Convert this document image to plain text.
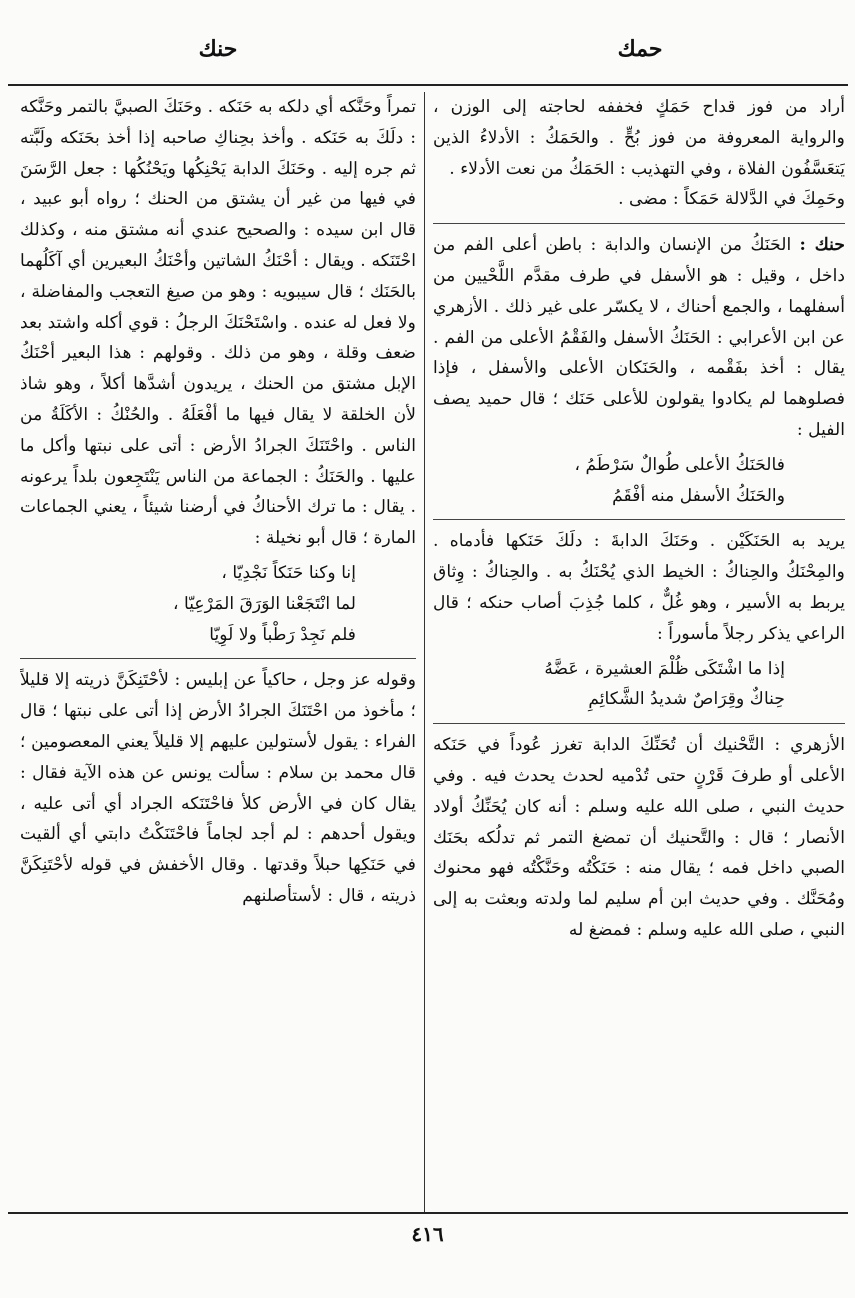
حمك
حنك

أراد من فوز قداح حَمَكٍ فخففه لحاجته إلى الوزن ، والرواية المعروفة من فوز بُحٍّ . والحَمَكُ : الأدلاءُ الذين يَتعَسَّفُون الفلاة ، وفي التهذيب : الحَمَكُ من نعت الأدلاء .

وحَمِكَ في الدَّلالة حَمَكاً : مضى .

حنك : الحَنَكُ من الإنسان والدابة : باطن أعلى الفم من داخل ، وقيل : هو الأسفل في طرف مقدَّم اللَّحْيين من أسفلهما ، والجمع أحناك ، لا يكسّر على غير ذلك . الأزهري عن ابن الأعرابي : الحَنَكُ الأسفل والفَقْمُ الأعلى من الفم . يقال : أخذ بفَقْمه ، والحَنَكان الأعلى والأسفل ، فإذا فصلوهما لم يكادوا يقولون للأعلى حَنَك ؛ قال حميد يصف الفيل :

فالحَنَكُ الأعلى طُوالٌ سَرْطَمُ ،
والحَنَكُ الأسفل منه أفْقَمُ

يريد به الحَنَكَيْن . وحَنَكَ الدابةَ : دلَكَ حَنَكها فأدماه . والمِحْنَكُ والحِناكُ : الخيط الذي يُحْنَكُ به . والحِناكُ : وِثاق يربط به الأسير ، وهو غُلٌّ ، كلما جُذِبَ أصاب حنكه ؛ قال الراعي يذكر رجلاً مأسوراً :

إذا ما اشْتَكَى ظُلْمَ العشيرة ، عَضَّهُ
حِناكٌ وقِرَاصٌ شديدُ الشَّكائِمِ

الأزهري : التَّحْنيك أن تُحَنِّكَ الدابة تغرز عُوداً في حَنَكه الأعلى أو طرفَ قَرْنٍ حتى تُدْميه لحدث يحدث فيه . وفي حديث النبي ، صلى الله عليه وسلم : أنه كان يُحَنِّكُ أولاد الأنصار ؛ قال : والتَّحنيك أن تمضغ التمر ثم تدلُكه بحَنَك الصبي داخل فمه ؛ يقال منه : حَنَكْتُه وحَنَّكْتُه فهو محنوك ومُحَنَّك . وفي حديث ابن أم سليم لما ولدته وبعثت به إلى النبي ، صلى الله عليه وسلم : فمضغ له

تمراً وحَنَّكه أي دلكه به حَنَكه . وحَنَكَ الصبيَّ بالتمر وحَنَّكه : دلَكَ به حَنَكه . وأخذ بحِناكِ صاحبه إذا أخذ بحَنَكه ولَبَّته ثم جره إليه . وحَنَكَ الدابة يَحْنِكُها ويَحْنُكُها : جعل الرَّسَنَ في فيها من غير أن يشتق من الحنك ؛ رواه أبو عبيد ، قال ابن سيده : والصحيح عندي أنه مشتق منه ، وكذلك احْتَنَكه . ويقال : أحْنَكُ الشاتين وأحْنَكُ البعيرين أي آكَلُهما بالحَنَك ؛ قال سيبويه : وهو من صيغ التعجب والمفاضلة ، ولا فعل له عنده . واسْتَحْنَكَ الرجلُ : قوي أكله واشتد بعد ضعف وقلة ، وهو من ذلك . وقولهم : هذا البعير أحْنَكُ الإبل مشتق من الحنك ، يريدون أشدَّها أكلاً ، وهو شاذ لأن الخلقة لا يقال فيها ما أفْعَلَهُ . والحُنْكُ : الأكَلَةُ من الناس . واحْتَنَكَ الجرادُ الأرض : أتى على نبتها وأكل ما عليها . والحَنَكُ : الجماعة من الناس يَنْتَجِعون بلداً يرعونه . يقال : ما ترك الأحناكُ في أرضنا شيئاً ، يعني الجماعات المارة ؛ قال أبو نخيلة :

إنا وكنا حَنَكاً نَجْدِيّا ،
لما انْتَجَعْنا الوَرَقَ المَرْعِيّا ،
فلم نَجِدْ رَطْباً ولا لَوِيّا

وقوله عز وجل ، حاكياً عن إبليس : لأحْتَنِكَنَّ ذريته إلا قليلاً ؛ مأخوذ من احْتَنَكَ الجرادُ الأرض إذا أتى على نبتها ؛ قال الفراء : يقول لأستولين عليهم إلا قليلاً يعني المعصومين ؛ قال محمد بن سلام : سألت يونس عن هذه الآية فقال : يقال كان في الأرض كلأ فاحْتَنَكه الجراد أي أتى عليه ، ويقول أحدهم : لم أجد لجاماً فاحْتَنَكْتُ دابتي أي ألقيت في حَنَكِها حبلاً وقدتها . وقال الأخفش في قوله لأحْتَنِكَنَّ ذريته ، قال : لأستأصلنهم

٤١٦
